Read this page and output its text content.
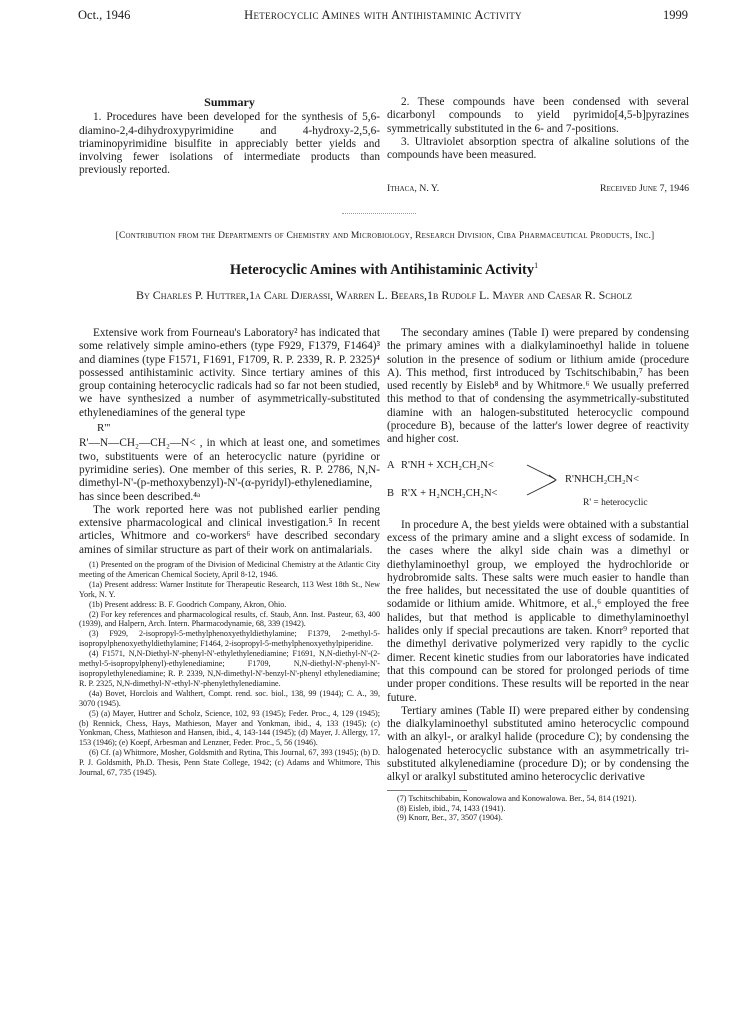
Oct., 1946	Heterocyclic Amines with Antihistaminic Activity	1999
Summary

1. Procedures have been developed for the synthesis of 5,6-diamino-2,4-dihydroxypyrimidine and 4-hydroxy-2,5,6-triaminopyrimidine bisulfite in appreciably better yields and involving fewer isolations of intermediate products than previously reported.

2. These compounds have been condensed with several dicarbonyl compounds to yield pyrimido[4,5-b]pyrazines symmetrically substituted in the 6- and 7-positions.

3. Ultraviolet absorption spectra of alkaline solutions of the compounds have been measured.

Ithaca, N. Y.	Received June 7, 1946
[Contribution from the Departments of Chemistry and Microbiology, Research Division, Ciba Pharmaceutical Products, Inc.]
Heterocyclic Amines with Antihistaminic Activity$^1$
By Charles P. Huttrer,1a Carl Djerassi, Warren L. Beears,1b Rudolf L. Mayer and Caesar R. Scholz

Extensive work from Fourneau's Laboratory² has indicated that some relatively simple amino-ethers (type F929, F1379, F1464)³ and diamines (type F1571, F1691, F1709, R. P. 2339, R. P. 2325)⁴ possessed antihistaminic activity. Since tertiary amines of this group containing heterocyclic radicals had so far not been studied, we have synthesized a number of asymmetrically-substituted ethylenediamines of the general type

R'''

R'—N—CH₂—CH₂—N< , in which at least one, and sometimes two, substituents were of an heterocyclic nature (pyridine or pyrimidine series). One member of this series, R. P. 2786, N,N-dimethyl-N'-(p-methoxybenzyl)-N'-(α-pyridyl)-ethylenediamine, has since been described.⁴ᵃ

The work reported here was not published earlier pending extensive pharmacological and clinical investigation.⁵ In recent articles, Whitmore and co-workers⁶ have described secondary amines of similar structure as part of their work on antimalarials.

(1) Presented on the program of the Division of Medicinal Chemistry at the Atlantic City meeting of the American Chemical Society, April 8-12, 1946.

(1a) Present address: Warner Institute for Therapeutic Research, 113 West 18th St., New York, N. Y.

(1b) Present address: B. F. Goodrich Company, Akron, Ohio.

(2) For key references and pharmacological results, cf. Staub, Ann. Inst. Pasteur, 63, 400 (1939), and Halpern, Arch. Intern. Pharmacodynamie, 68, 339 (1942).

(3) F929, 2-isopropyl-5-methylphenoxyethyldiethylamine; F1379, 2-methyl-5-isopropylphenoxyethyldiethylamine; F1464, 2-isopropyl-5-methylphenoxyethylpiperidine.

(4) F1571, N,N-Diethyl-N'-phenyl-N'-ethylethylenediamine; F1691, N,N-diethyl-N'-(2-methyl-5-isopropylphenyl)-ethylenediamine; F1709, N,N-diethyl-N'-phenyl-N'-isopropylethylenediamine; R. P. 2339, N,N-dimethyl-N'-benzyl-N'-phenyl ethylenediamine; R. P. 2325, N,N-dimethyl-N'-ethyl-N'-phenylethylenediamine.

(4a) Bovet, Horclois and Walthert, Compt. rend. soc. biol., 138, 99 (1944); C. A., 39, 3070 (1945).

(5) (a) Mayer, Huttrer and Scholz, Science, 102, 93 (1945); Feder. Proc., 4, 129 (1945); (b) Rennick, Chess, Hays, Mathieson, Mayer and Yonkman, ibid., 4, 133 (1945); (c) Yonkman, Chess, Mathieson and Hansen, ibid., 4, 143-144 (1945); (d) Mayer, J. Allergy, 17, 153 (1946); (e) Koepf, Arbesman and Lenzner, Feder. Proc., 5, 56 (1946).

(6) Cf. (a) Whitmore, Mosher, Goldsmith and Rytina, This Journal, 67, 393 (1945); (b) D. P. J. Goldsmith, Ph.D. Thesis, Penn State College, 1942; (c) Adams and Whitmore, This Journal, 67, 735 (1945).

The secondary amines (Table I) were prepared by condensing the primary amines with a dialkylaminoethyl halide in toluene solution in the presence of sodium or lithium amide (procedure A). This method, first introduced by Tschitschibabin,⁷ has been used recently by Eisleb⁸ and by Whitmore.⁶ We usually preferred this method to that of condensing the asymmetrically-substituted diamine with an halogen-substituted heterocyclic compound (procedure B), because of the latter's lower degree of reactivity and higher cost.

A R'NH + XCH₂CH₂N<
B R'X + H₂NCH₂CH₂N<
R'NHCH₂CH₂N<
R' = heterocyclic

In procedure A, the best yields were obtained with a substantial excess of the primary amine and a slight excess of sodamide. In the cases where the alkyl side chain was a dimethyl or diethylaminoethyl group, we employed the hydrochloride or hydrobromide salts. These salts were much easier to handle than the free halides, but necessitated the use of double quantities of sodamide or lithium amide. Whitmore, et al.,⁶ employed the free halides, but that method is applicable to dimethylaminoethyl halides only if special precautions are taken. Knorr⁹ reported that the dimethyl derivative polymerized very rapidly to the cyclic dimer. Recent kinetic studies from our laboratories have indicated that this compound can be stored for prolonged periods of time under proper conditions. These results will be reported in the near future.

Tertiary amines (Table II) were prepared either by condensing the dialkylaminoethyl substituted amino heterocyclic compound with an alkyl-, or aralkyl halide (procedure C); by condensing the halogenated heterocyclic substance with an asymmetrically tri-substituted alkylenediamine (procedure D); or by condensing the alkyl or aralkyl substituted amino heterocyclic derivative

(7) Tschitschibabin, Konowalowa and Konowalowa. Ber., 54, 814 (1921).

(8) Eisleb, ibid., 74, 1433 (1941).

(9) Knorr, Ber., 37, 3507 (1904).
